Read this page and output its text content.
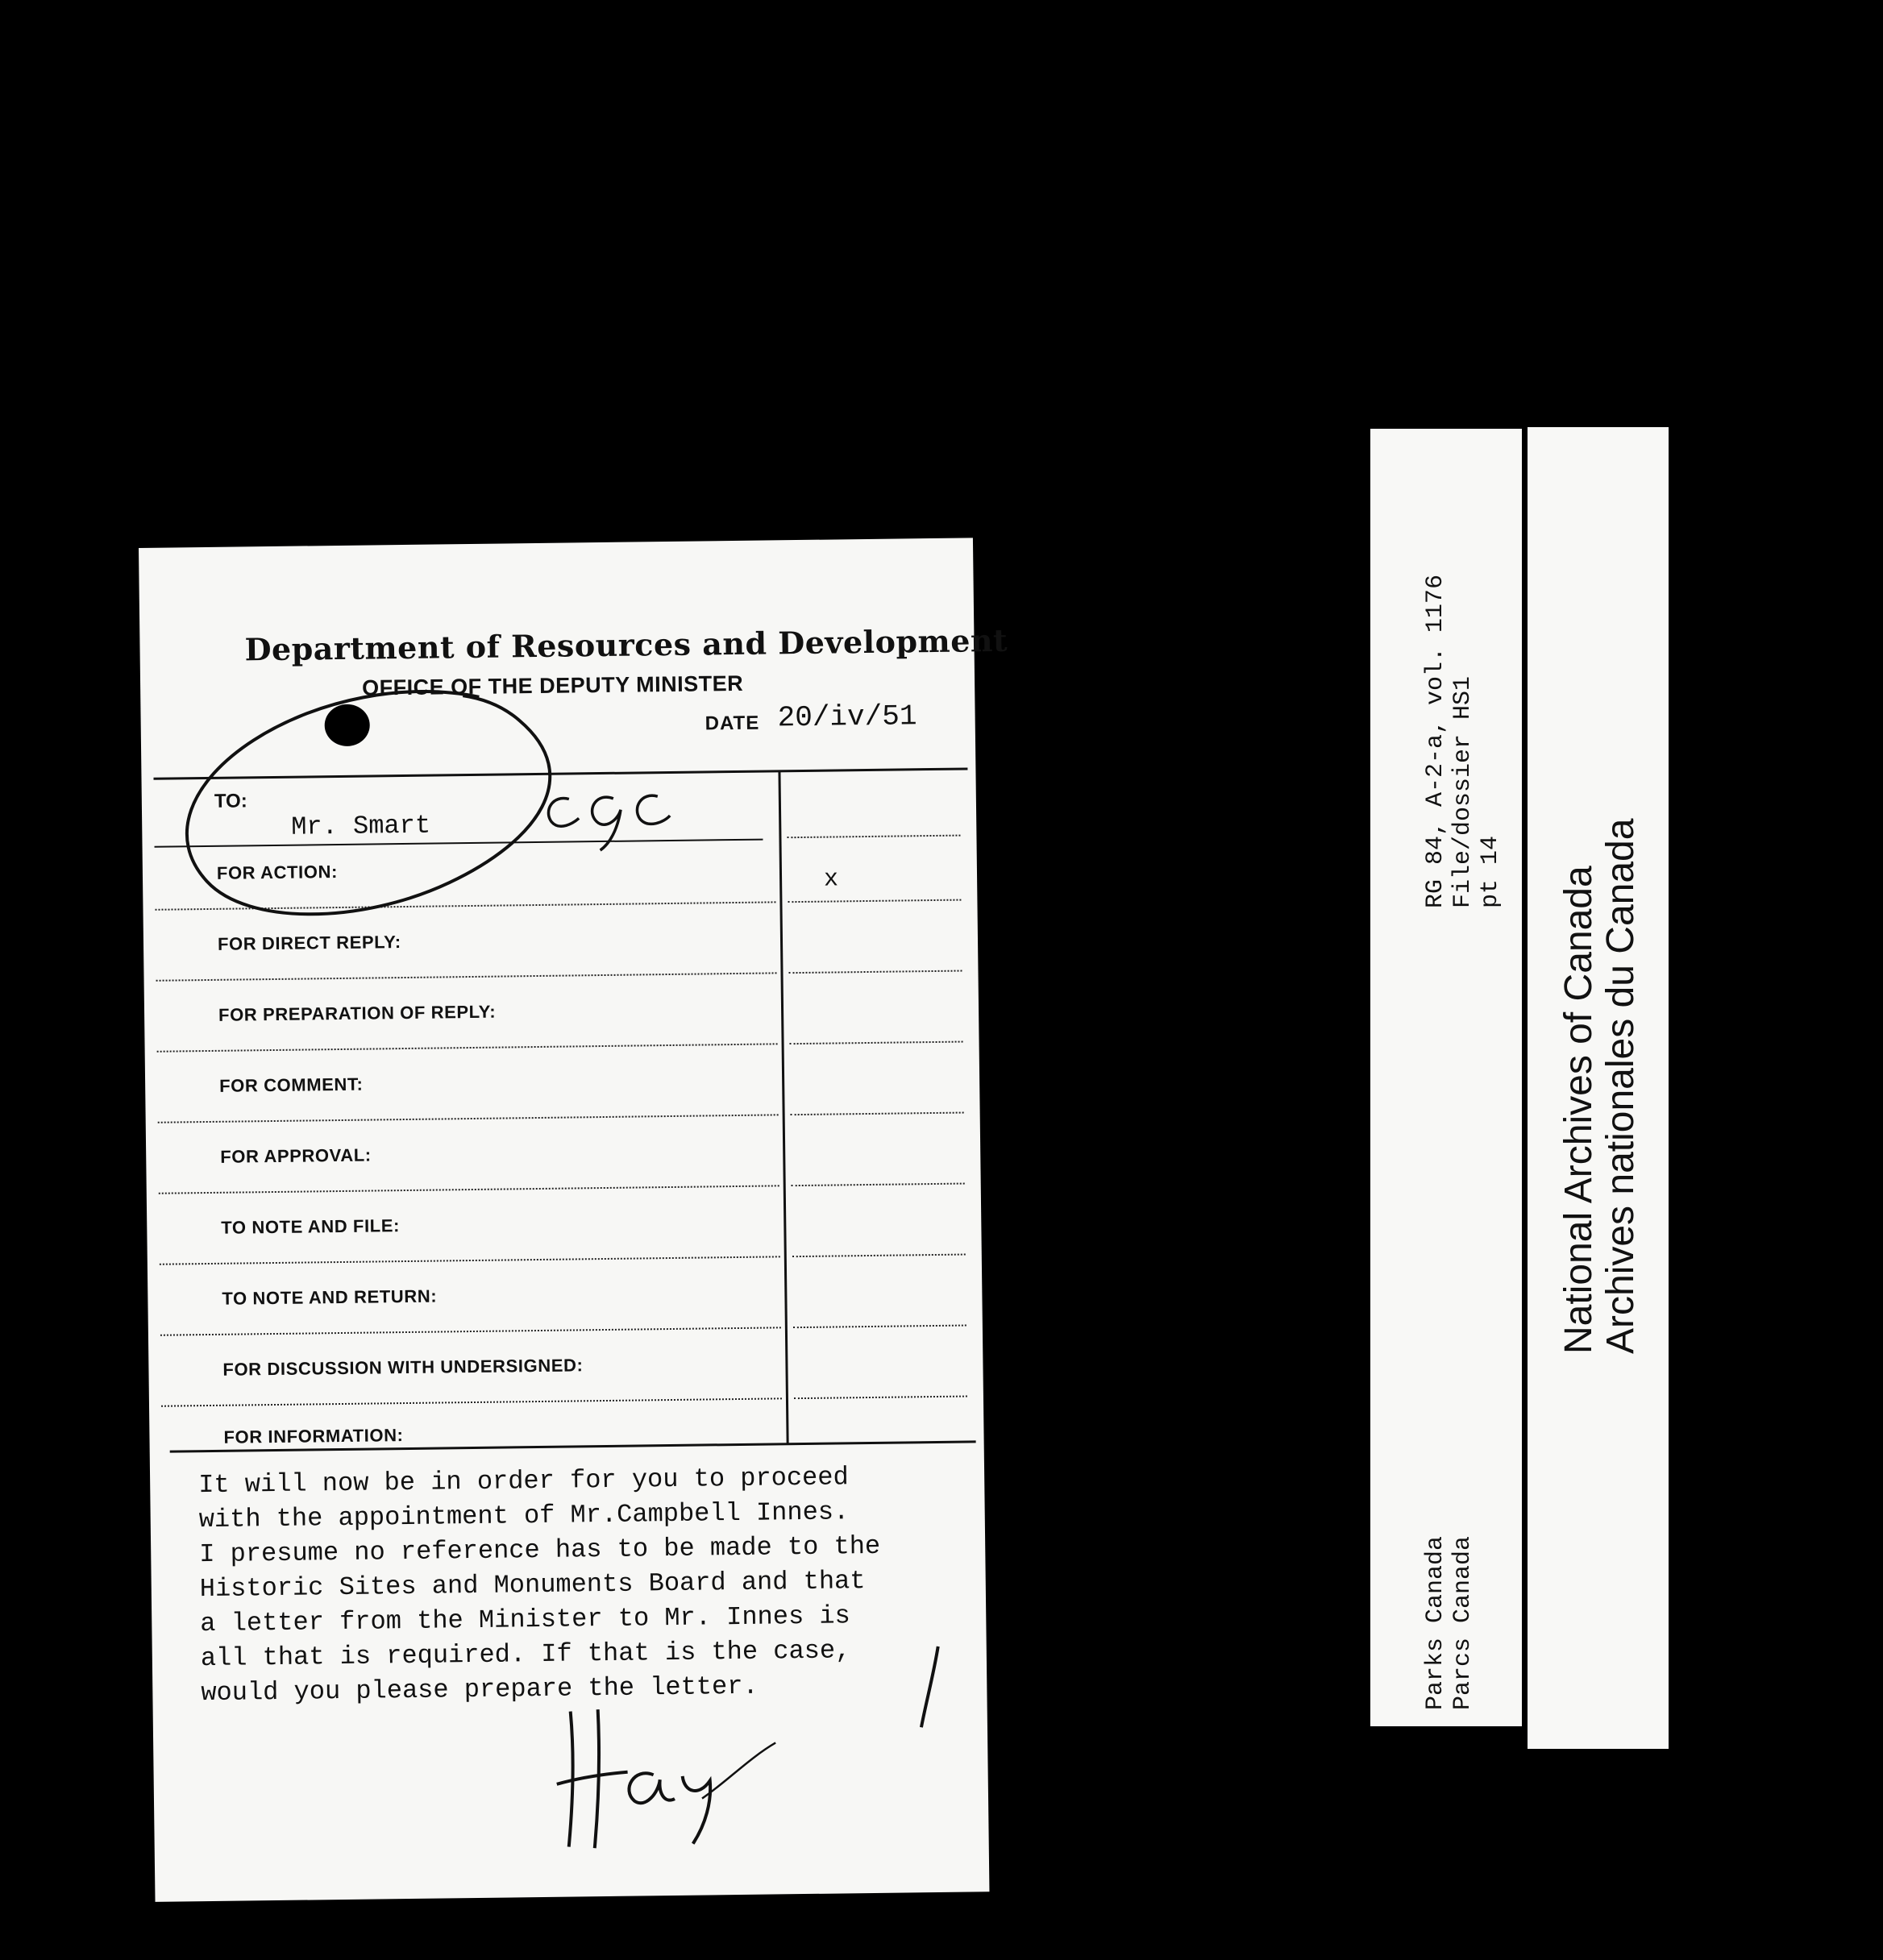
Department of Resources and Development
OFFICE OF THE DEPUTY MINISTER
DATE 20/iv/51
TO:
Mr. Smart
x
FOR ACTION:
FOR DIRECT REPLY:
FOR PREPARATION OF REPLY:
FOR COMMENT:
FOR APPROVAL:
TO NOTE AND FILE:
TO NOTE AND RETURN:
FOR DISCUSSION WITH UNDERSIGNED:
FOR INFORMATION:
It will now be in order for you to proceed
with the appointment of Mr.Campbell Innes.
I presume no reference has to be made to the
Historic Sites and Monuments Board and that
a letter from the Minister to Mr. Innes is
all that is required. If that is the case,
would you please prepare the letter.
RG 84, A-2-a, vol. 1176 File/dossier HS1 pt 14
Parks Canada Parcs Canada
National Archives of Canada Archives nationales du Canada
